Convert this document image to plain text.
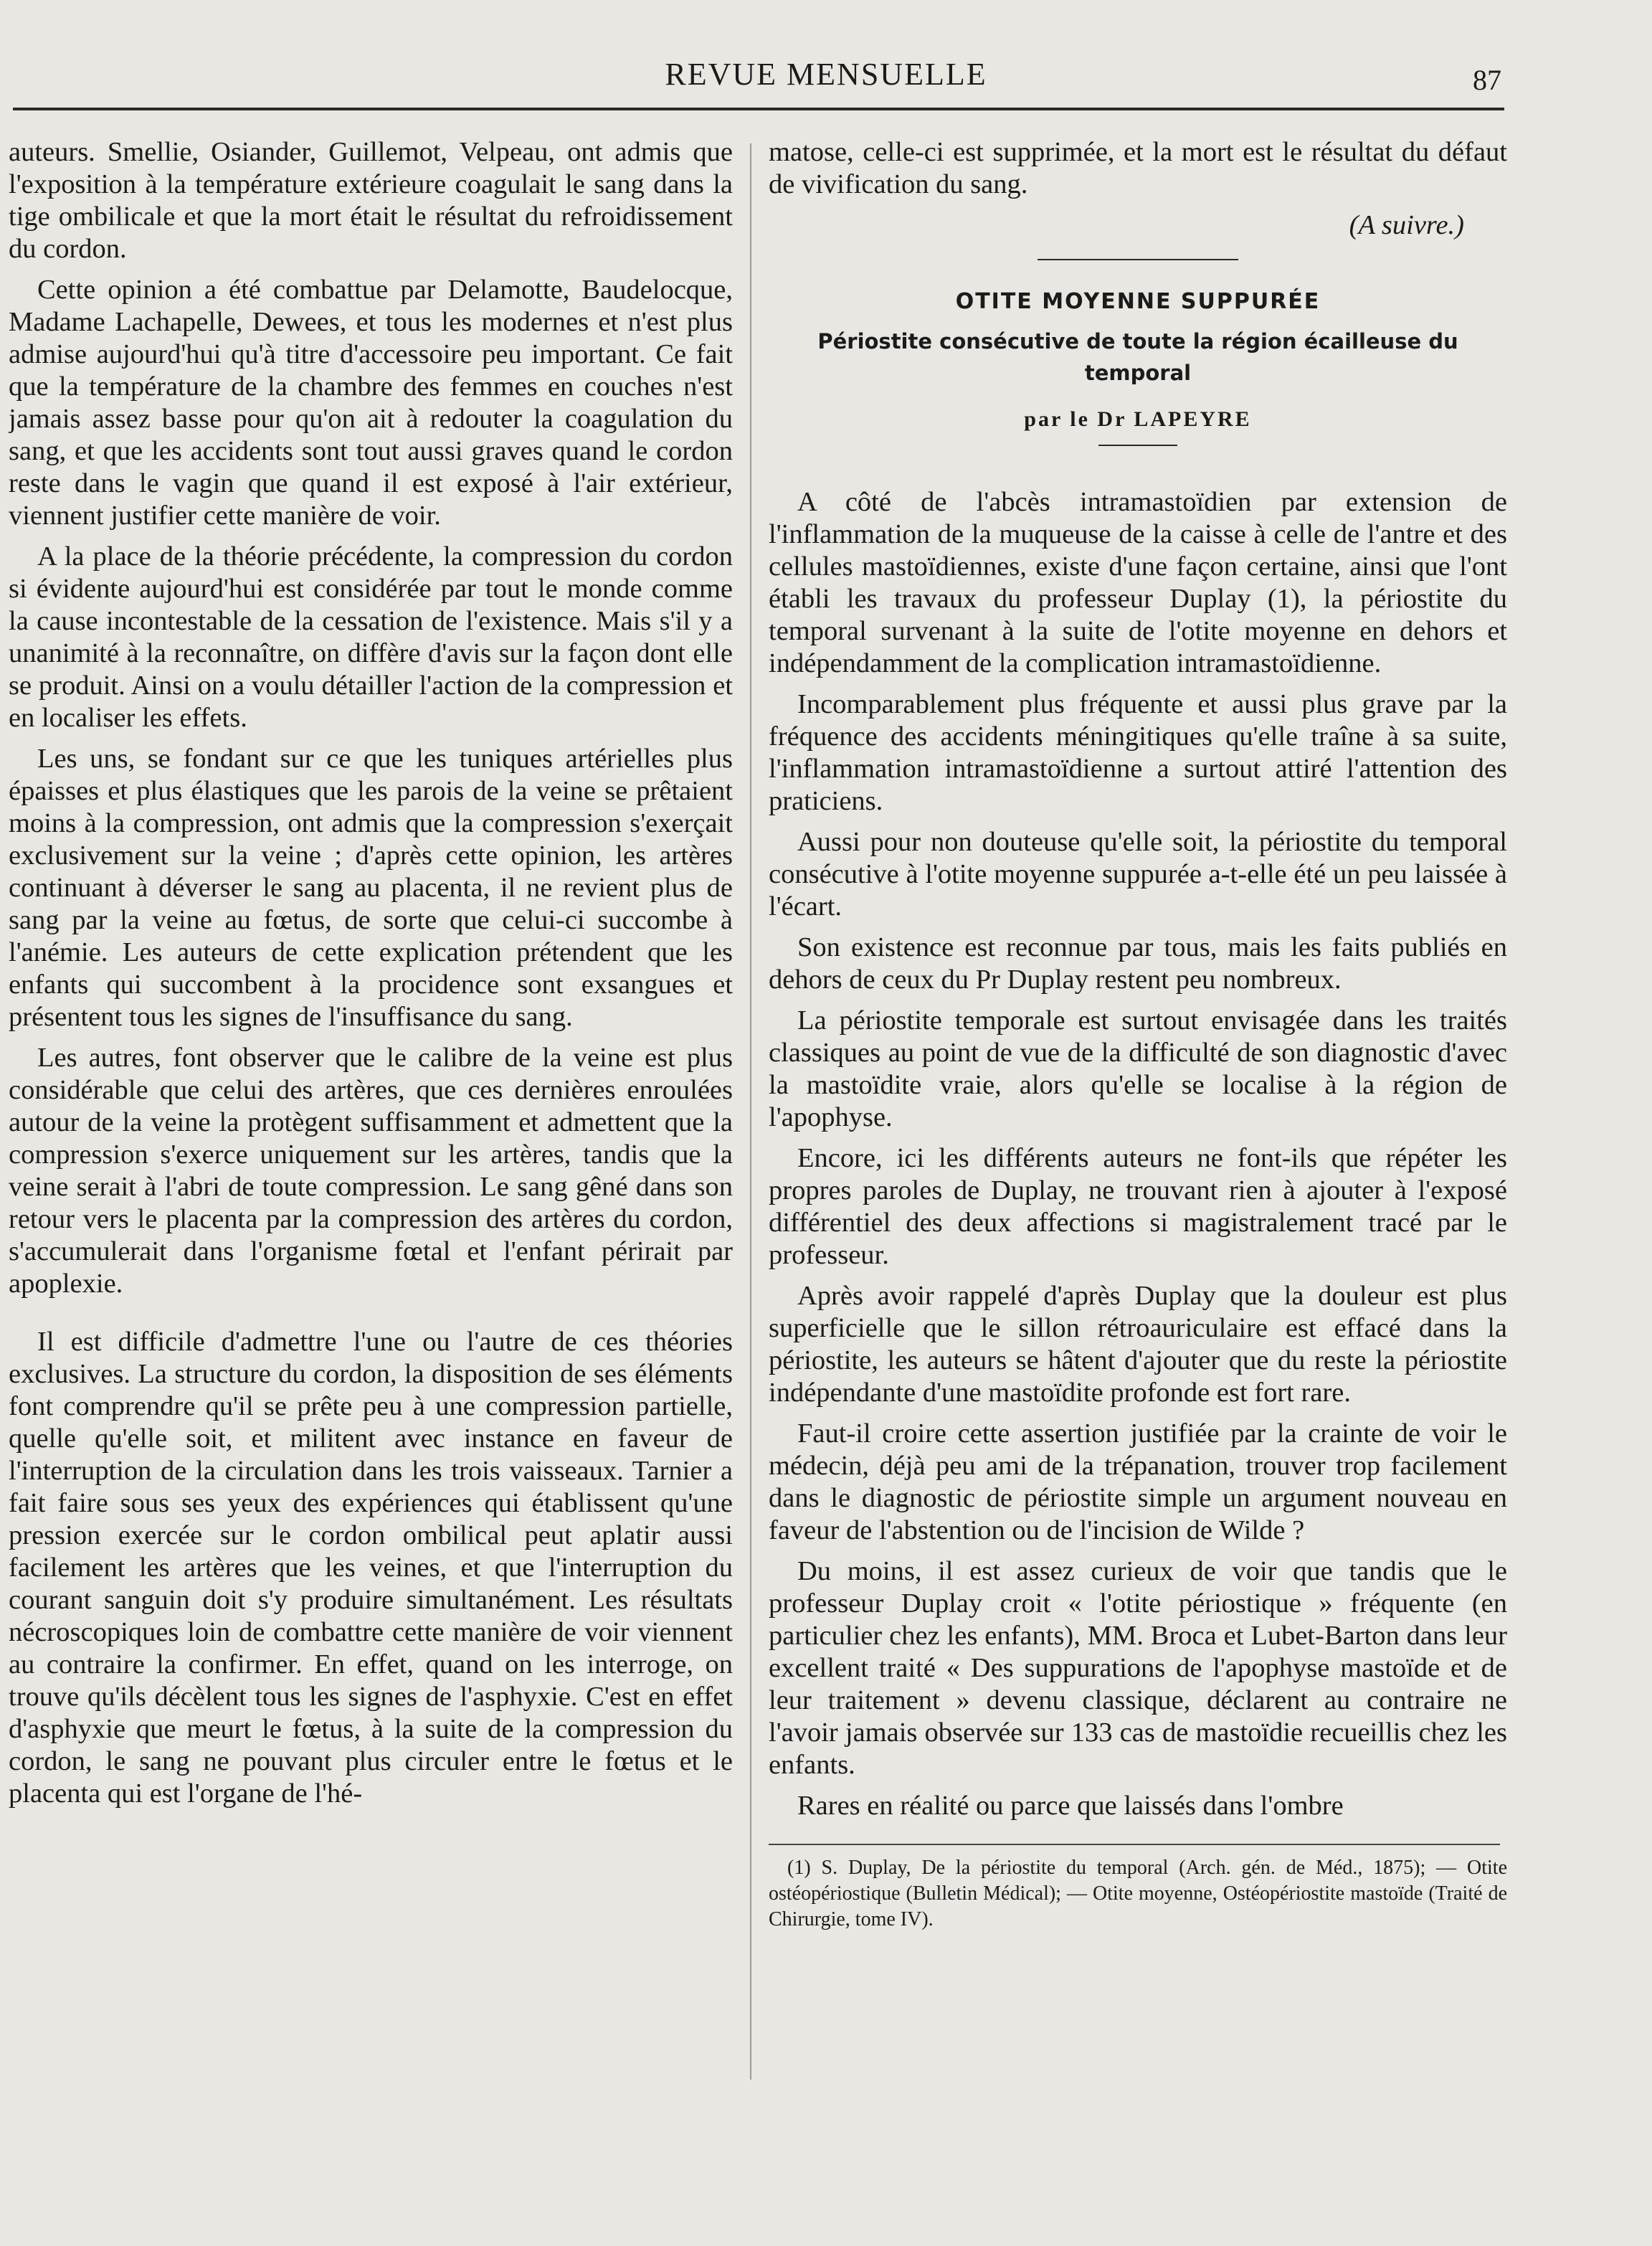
REVUE MENSUELLE	87

auteurs. Smellie, Osiander, Guillemot, Velpeau, ont admis que l'exposition à la température extérieure coagulait le sang dans la tige ombilicale et que la mort était le résultat du refroidissement du cordon.

Cette opinion a été combattue par Delamotte, Baudelocque, Madame Lachapelle, Dewees, et tous les modernes et n'est plus admise aujourd'hui qu'à titre d'accessoire peu important. Ce fait que la température de la chambre des femmes en couches n'est jamais assez basse pour qu'on ait à redouter la coagulation du sang, et que les accidents sont tout aussi graves quand le cordon reste dans le vagin que quand il est exposé à l'air extérieur, viennent justifier cette manière de voir.

A la place de la théorie précédente, la compression du cordon si évidente aujourd'hui est considérée par tout le monde comme la cause incontestable de la cessation de l'existence. Mais s'il y a unanimité à la reconnaître, on diffère d'avis sur la façon dont elle se produit. Ainsi on a voulu détailler l'action de la compression et en localiser les effets.

Les uns, se fondant sur ce que les tuniques artérielles plus épaisses et plus élastiques que les parois de la veine se prêtaient moins à la compression, ont admis que la compression s'exerçait exclusivement sur la veine ; d'après cette opinion, les artères continuant à déverser le sang au placenta, il ne revient plus de sang par la veine au fœtus, de sorte que celui-ci succombe à l'anémie. Les auteurs de cette explication prétendent que les enfants qui succombent à la procidence sont exsangues et présentent tous les signes de l'insuffisance du sang.

Les autres, font observer que le calibre de la veine est plus considérable que celui des artères, que ces dernières enroulées autour de la veine la protègent suffisamment et admettent que la compression s'exerce uniquement sur les artères, tandis que la veine serait à l'abri de toute compression. Le sang gêné dans son retour vers le placenta par la compression des artères du cordon, s'accumulerait dans l'organisme fœtal et l'enfant périrait par apoplexie.

Il est difficile d'admettre l'une ou l'autre de ces théories exclusives. La structure du cordon, la disposition de ses éléments font comprendre qu'il se prête peu à une compression partielle, quelle qu'elle soit, et militent avec instance en faveur de l'interruption de la circulation dans les trois vaisseaux. Tarnier a fait faire sous ses yeux des expériences qui établissent qu'une pression exercée sur le cordon ombilical peut aplatir aussi facilement les artères que les veines, et que l'interruption du courant sanguin doit s'y produire simultanément. Les résultats nécroscopiques loin de combattre cette manière de voir viennent au contraire la confirmer. En effet, quand on les interroge, on trouve qu'ils décèlent tous les signes de l'asphyxie. C'est en effet d'asphyxie que meurt le fœtus, à la suite de la compression du cordon, le sang ne pouvant plus circuler entre le fœtus et le placenta qui est l'organe de l'hé-

matose, celle-ci est supprimée, et la mort est le résultat du défaut de vivification du sang.

(A suivre.)
OTITE MOYENNE SUPPURÉE
Périostite consécutive de toute la région écailleuse du temporal
par le Dr LAPEYRE

A côté de l'abcès intramastoïdien par extension de l'inflammation de la muqueuse de la caisse à celle de l'antre et des cellules mastoïdiennes, existe d'une façon certaine, ainsi que l'ont établi les travaux du professeur Duplay (1), la périostite du temporal survenant à la suite de l'otite moyenne en dehors et indépendamment de la complication intramastoïdienne.

Incomparablement plus fréquente et aussi plus grave par la fréquence des accidents méningitiques qu'elle traîne à sa suite, l'inflammation intramastoïdienne a surtout attiré l'attention des praticiens.

Aussi pour non douteuse qu'elle soit, la périostite du temporal consécutive à l'otite moyenne suppurée a-t-elle été un peu laissée à l'écart.

Son existence est reconnue par tous, mais les faits publiés en dehors de ceux du Pr Duplay restent peu nombreux.

La périostite temporale est surtout envisagée dans les traités classiques au point de vue de la difficulté de son diagnostic d'avec la mastoïdite vraie, alors qu'elle se localise à la région de l'apophyse.

Encore, ici les différents auteurs ne font-ils que répéter les propres paroles de Duplay, ne trouvant rien à ajouter à l'exposé différentiel des deux affections si magistralement tracé par le professeur.

Après avoir rappelé d'après Duplay que la douleur est plus superficielle que le sillon rétroauriculaire est effacé dans la périostite, les auteurs se hâtent d'ajouter que du reste la périostite indépendante d'une mastoïdite profonde est fort rare.

Faut-il croire cette assertion justifiée par la crainte de voir le médecin, déjà peu ami de la trépanation, trouver trop facilement dans le diagnostic de périostite simple un argument nouveau en faveur de l'abstention ou de l'incision de Wilde ?

Du moins, il est assez curieux de voir que tandis que le professeur Duplay croit « l'otite périostique » fréquente (en particulier chez les enfants), MM. Broca et Lubet-Barton dans leur excellent traité « Des suppurations de l'apophyse mastoïde et de leur traitement » devenu classique, déclarent au contraire ne l'avoir jamais observée sur 133 cas de mastoïdie recueillis chez les enfants.

Rares en réalité ou parce que laissés dans l'ombre

(1) S. Duplay, De la périostite du temporal (Arch. gén. de Méd., 1875); — Otite ostéopériostique (Bulletin Médical); — Otite moyenne, Ostéopériostite mastoïde (Traité de Chirurgie, tome IV).
